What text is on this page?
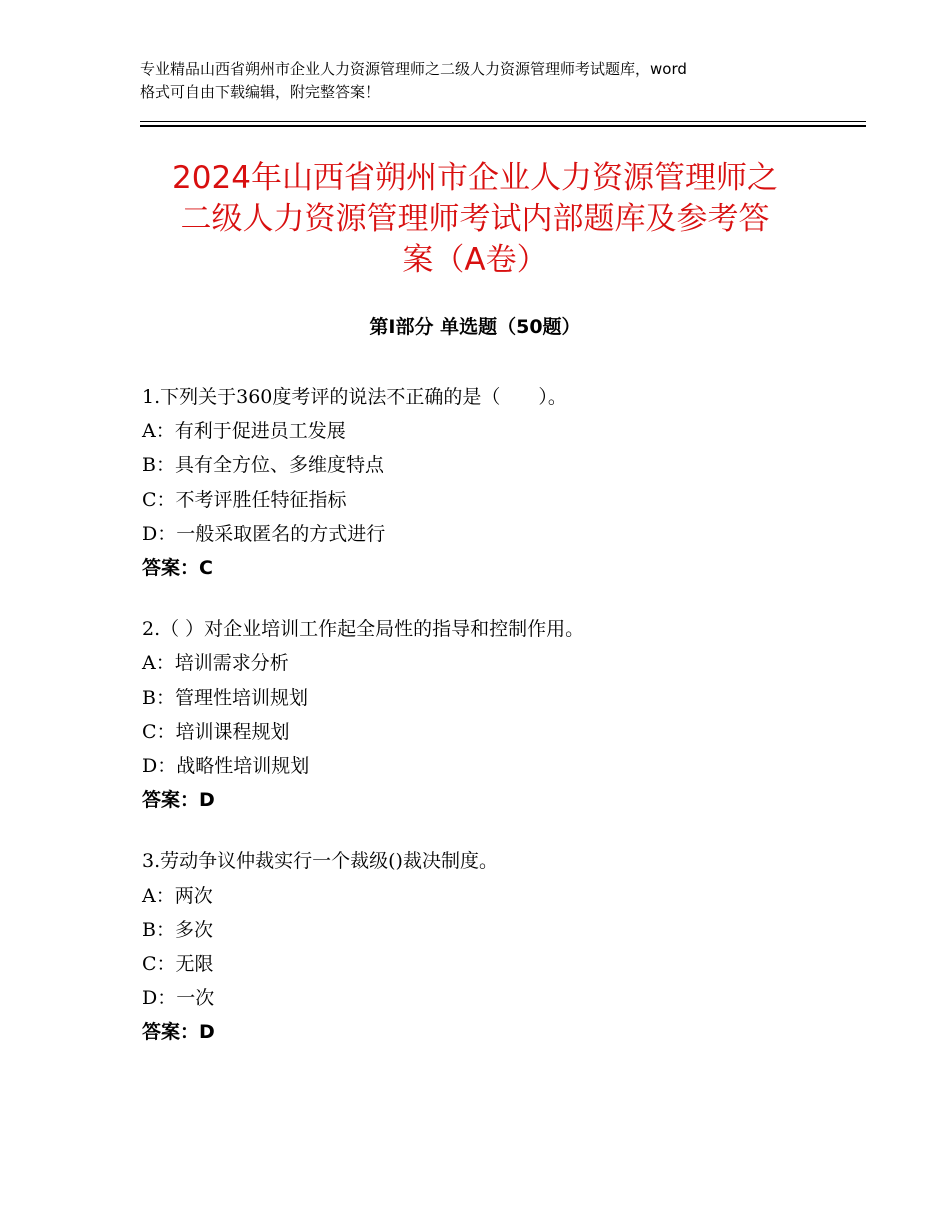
专业精品山西省朔州市企业人力资源管理师之二级人力资源管理师考试题库，word
格式可自由下载编辑，附完整答案！
2024年山西省朔州市企业人力资源管理师之
二级人力资源管理师考试内部题库及参考答
案（A卷）
第Ⅰ部分 单选题（50题）
1.下列关于360度考评的说法不正确的是（　　）。
A：有利于促进员工发展
B：具有全方位、多维度特点
C：不考评胜任特征指标
D：一般采取匿名的方式进行
答案：C
2.（ ）对企业培训工作起全局性的指导和控制作用。
A：培训需求分析
B：管理性培训规划
C：培训课程规划
D：战略性培训规划
答案：D
3.劳动争议仲裁实行一个裁级()裁决制度。
A：两次
B：多次
C：无限
D：一次
答案：D
